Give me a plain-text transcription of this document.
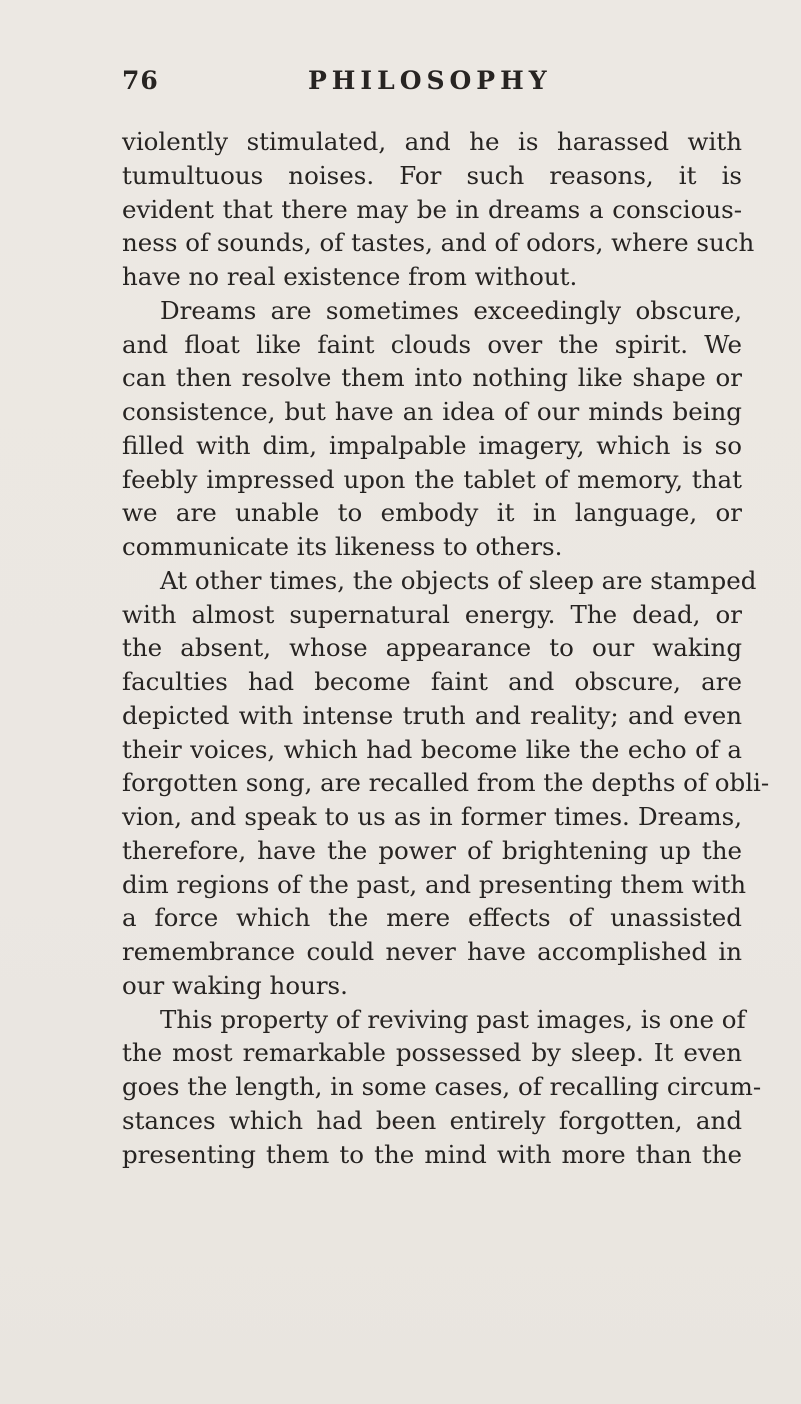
76	PHILOSOPHY
violently stimulated, and he is harassed with
tumultuous noises. For such reasons, it is
evident that there may be in dreams a conscious-
ness of sounds, of tastes, and of odors, where such
have no real existence from without.
Dreams are sometimes exceedingly obscure,
and float like faint clouds over the spirit. We
can then resolve them into nothing like shape or
consistence, but have an idea of our minds being
filled with dim, impalpable imagery, which is so
feebly impressed upon the tablet of memory, that
we are unable to embody it in language, or
communicate its likeness to others.
At other times, the objects of sleep are stamped
with almost supernatural energy. The dead, or
the absent, whose appearance to our waking
faculties had become faint and obscure, are
depicted with intense truth and reality; and even
their voices, which had become like the echo of a
forgotten song, are recalled from the depths of obli-
vion, and speak to us as in former times. Dreams,
therefore, have the power of brightening up the
dim regions of the past, and presenting them with
a force which the mere effects of unassisted
remembrance could never have accomplished in
our waking hours.
This property of reviving past images, is one of
the most remarkable possessed by sleep. It even
goes the length, in some cases, of recalling circum-
stances which had been entirely forgotten, and
presenting them to the mind with more than the
